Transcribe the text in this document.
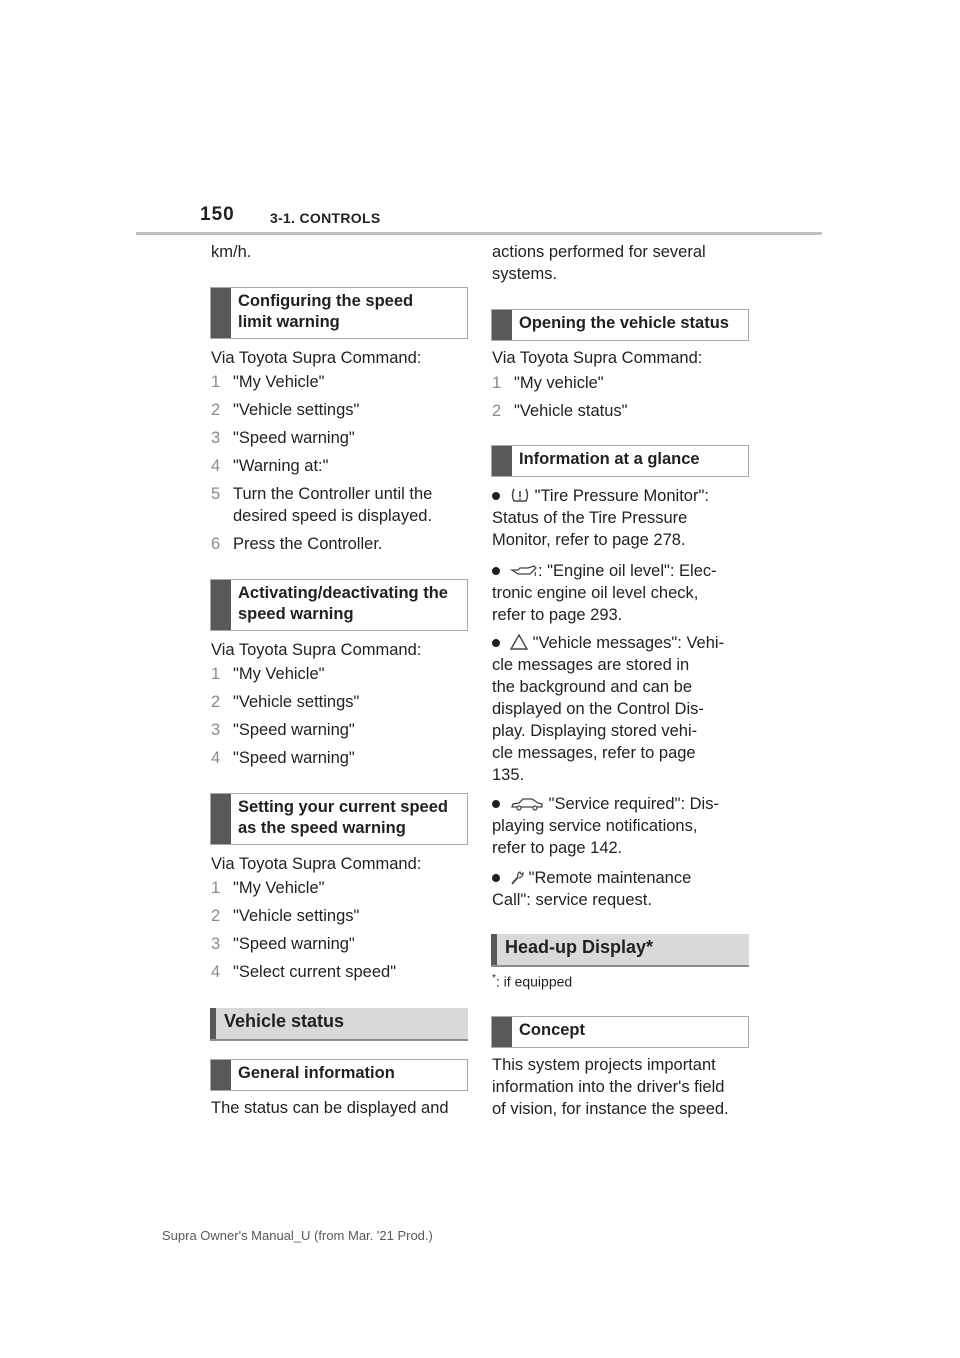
150	3-1. CONTROLS
km/h.
Configuring the speed
limit warning
Via Toyota Supra Command:
1 "My Vehicle"
2 "Vehicle settings"
3 "Speed warning"
4 "Warning at:"
5 Turn the Controller until the
desired speed is displayed.
6 Press the Controller.
Activating/deactivating the
speed warning
Via Toyota Supra Command:
1 "My Vehicle"
2 "Vehicle settings"
3 "Speed warning"
4 "Speed warning"
Setting your current speed
as the speed warning
Via Toyota Supra Command:
1 "My Vehicle"
2 "Vehicle settings"
3 "Speed warning"
4 "Select current speed"
Vehicle status
General information
The status can be displayed and
actions performed for several
systems.
Opening the vehicle status
Via Toyota Supra Command:
1 "My vehicle"
2 "Vehicle status"
Information at a glance
"Tire Pressure Monitor":
Status of the Tire Pressure
Monitor, refer to page 278.
: "Engine oil level": Elec-
tronic engine oil level check,
refer to page 293.
"Vehicle messages": Vehi-
cle messages are stored in
the background and can be
displayed on the Control Dis-
play. Displaying stored vehi-
cle messages, refer to page
135.
"Service required": Dis-
playing service notifications,
refer to page 142.
"Remote maintenance
Call": service request.
Head-up Display*
*: if equipped
Concept
This system projects important
information into the driver's field
of vision, for instance the speed.
Supra Owner's Manual_U (from Mar. '21 Prod.)
